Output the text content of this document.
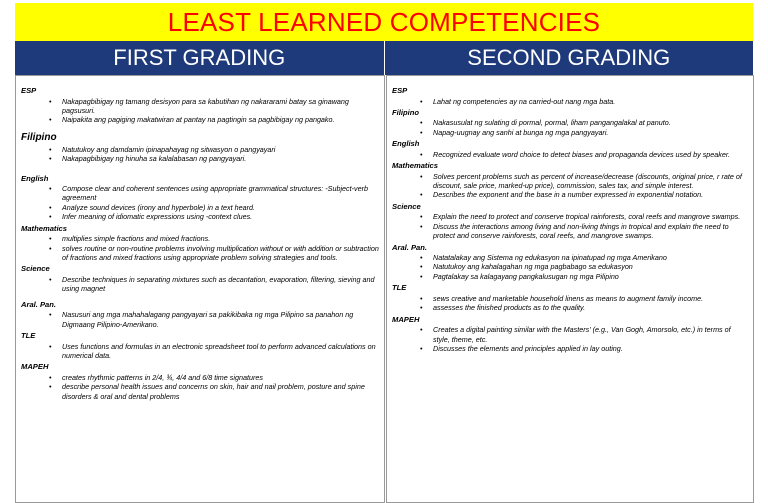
LEAST LEARNED COMPETENCIES
FIRST GRADING	SECOND GRADING
ESP
• Nakapagbibigay ng tamang desisyon para sa kabutihan ng nakararami batay sa ginawang pagsusuri.
• Naipakita ang pagiging makatwiran at pantay na pagtingin sa pagbibigay ng pangako.
Filipino
• Natutukoy ang damdamin ipinapahayag ng sitwasyon o pangyayari
• Nakapagbibigay ng hinuha sa kalalabasan ng pangyayari.
English
• Compose clear and coherent sentences using appropriate grammatical structures: -Subject-verb agreement
• Analyze sound devices (irony and hyperbole) in a text heard.
• Infer meaning of idiomatic expressions using -context clues.
Mathematics
• multiplies simple fractions and mixed fractions.
• solves routine or non-routine problems involving multiplication without or with addition or subtraction of fractions and mixed fractions using appropriate problem solving strategies and tools.
Science
• Describe techniques in separating mixtures such as decantation, evaporation, filtering, sieving and using magnet
Aral. Pan.
• Nasusuri ang mga mahahalagang pangyayari sa pakikibaka ng mga Pilipino sa panahon ng Digmaang Pilipino-Amerikano.
TLE
• Uses functions and formulas in an electronic spreadsheet tool to perform advanced calculations on numerical data.
MAPEH
• creates rhythmic patterns in 2/4, ¾, 4/4 and 6/8 time signatures
• describe personal health issues and concerns on skin, hair and nail problem, posture and spine disorders & oral and dental problems
ESP
• Lahat ng competencies ay na carried-out nang mga bata.
Filipino
• Nakasusulat ng sulating di pormal, pormal, liham pangangalakal at panuto.
• Napag-uugnay ang sanhi at bunga ng mga pangyayari.
English
• Recognized evaluate word choice to detect biases and propaganda devices used by speaker.
Mathematics
• Solves percent problems such as percent of increase/decrease (discounts, original price, r rate of discount, sale price, marked-up price), commission, sales tax, and simple interest.
• Describes the exponent and the base in a number expressed in exponential notation.
Science
• Explain the need to protect and conserve tropical rainforests, coral reefs and mangrove swamps.
• Discuss the interactions among living and non-living things in tropical and explain the need to protect and conserve rainforests, coral reefs, and mangrove swamps.
Aral. Pan.
• Natatalakay ang Sistema ng edukasyon na ipinatupad ng mga Amerikano
• Natutukoy ang kahalagahan ng mga pagbabago sa edukasyon
• Pagtalakay sa kalagayang pangkalusugan ng mga Pilipino
TLE
• sews creative and marketable household linens as means to augment family income.
• assesses the finished products as to the quality.
MAPEH
• Creates a digital painting similar with the Masters' (e.g., Van Gogh, Amorsolo, etc.) in terms of style, theme, etc.
• Discusses the elements and principles applied in lay outing.
